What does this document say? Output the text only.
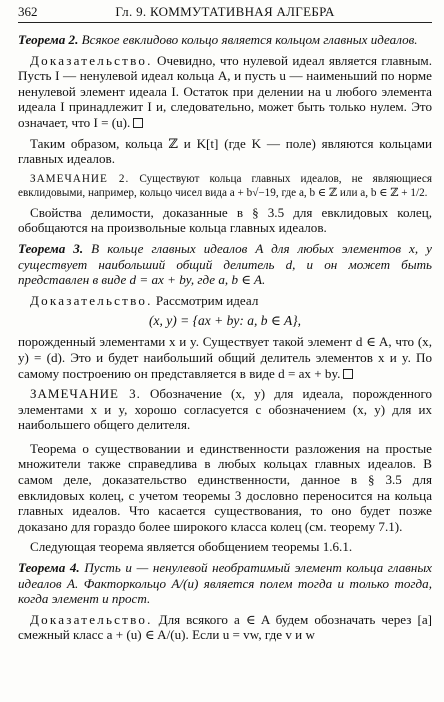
362	Гл. 9. КОММУТАТИВНАЯ АЛГЕБРА

Теорема 2. Всякое евклидово кольцо является кольцом главных идеалов.

Доказательство. Очевидно, что нулевой идеал является главным. Пусть I — ненулевой идеал кольца A, и пусть u — наименьший по норме ненулевой элемент идеала I. Остаток при делении на u любого элемента идеала I принадлежит I и, следовательно, может быть только нулем. Это означает, что I = (u).

Таким образом, кольца ℤ и K[t] (где K — поле) являются кольцами главных идеалов.

ЗАМЕЧАНИЕ 2. Существуют кольца главных идеалов, не являющиеся евклидовыми, например, кольцо чисел вида a + b√−19, где a, b ∈ ℤ или a, b ∈ ℤ + 1/2.

Свойства делимости, доказанные в § 3.5 для евклидовых колец, обобщаются на произвольные кольца главных идеалов.

Теорема 3. В кольце главных идеалов A для любых элементов x, y существует наибольший общий делитель d, и он может быть представлен в виде d = ax + by, где a, b ∈ A.

Доказательство. Рассмотрим идеал

(x, y) = {ax + by: a, b ∈ A},

порожденный элементами x и y. Существует такой элемент d ∈ A, что (x, y) = (d). Это и будет наибольший общий делитель элементов x и y. По самому построению он представляется в виде d = ax + by.

ЗАМЕЧАНИЕ 3. Обозначение (x, y) для идеала, порожденного элементами x и y, хорошо согласуется с обозначением (x, y) для их наибольшего общего делителя.

Теорема о существовании и единственности разложения на простые множители также справедлива в любых кольцах главных идеалов. В самом деле, доказательство единственности, данное в § 3.5 для евклидовых колец, с учетом теоремы 3 дословно переносится на кольца главных идеалов. Что касается существования, то оно будет позже доказано для гораздо более широкого класса колец (см. теорему 7.1).

Следующая теорема является обобщением теоремы 1.6.1.

Теорема 4. Пусть u — ненулевой необратимый элемент кольца главных идеалов A. Факторкольцо A/(u) является полем тогда и только тогда, когда элемент u прост.

Доказательство. Для всякого a ∈ A будем обозначать через [a] смежный класс a + (u) ∈ A/(u). Если u = vw, где v и w
